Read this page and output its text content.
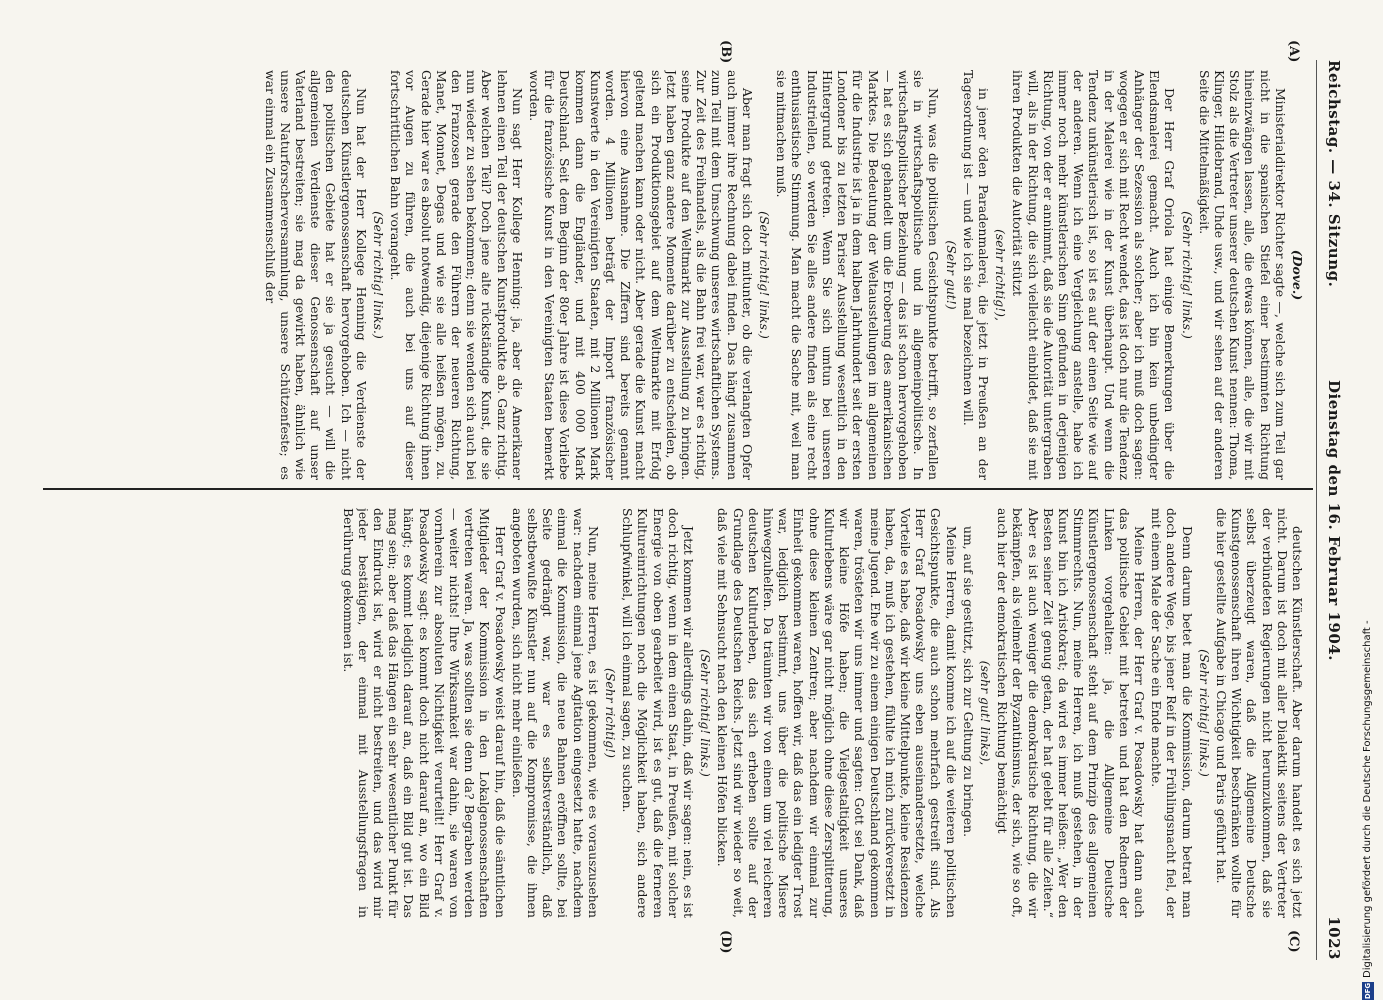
Reichstag. — 34. Sitzung.
Dienstag den 16. Februar 1904.
1023
(A)
(B)
(C)
(D)

(Dove.)

Ministerialdirektor Richter sagte —, welche sich zum Teil gar nicht in die spanischen Stiefel einer bestimmten Richtung hineinzwängen lassen, alle, die etwas können, alle, die wir mit Stolz als die Vertreter unserer deutschen Kunst nennen: Thoma, Klinger, Hildebrand, Uhde usw., und wir sehen auf der anderen Seite die Mittelmäßigkeit.

(Sehr richtig! links.)

Der Herr Graf Oriola hat einige Bemerkungen über die Elendsmalerei gemacht. Auch ich bin kein unbedingter Anhänger der Sezession als solcher; aber ich muß doch sagen: wogegen er sich mit Recht wendet, das ist doch nur die Tendenz in der Malerei wie in der Kunst überhaupt. Und wenn die Tendenz unkünstlerisch ist, so ist es auf der einen Seite wie auf der anderen. Wenn ich eine Vergleichung anstelle, habe ich immer noch mehr künstlerischen Sinn gefunden in derjenigen Richtung, von der er annimmt, daß sie die Autorität untergraben will, als in der Richtung, die sich vielleicht einbildet, daß sie mit ihren Produkten die Autorität stützt

(sehr richtig!),

in jener öden Paradenmalerei, die jetzt in Preußen an der Tagesordnung ist — und wie ich sie mal bezeichnen will.

(Sehr gut!)

Nun, was die politischen Gesichtspunkte betrifft, so zerfallen sie in wirtschaftspolitische und in allgemeinpolitische. In wirtschaftspolitischer Beziehung — das ist schon hervorgehoben — hat es sich gehandelt um die Eroberung des amerikanischen Marktes. Die Bedeutung der Weltausstellungen im allgemeinen für die Industrie ist ja in dem halben Jahrhundert seit der ersten Londoner bis zu letzten Pariser Ausstellung wesentlich in den Hintergrund getreten. Wenn Sie sich umtun bei unseren Industriellen, so werden Sie alles andere finden als eine recht enthusiastische Stimmung. Man macht die Sache mit, weil man sie mitmachen muß.

(Sehr richtig! links.)

Aber man fragt sich doch mitunter, ob die verlangten Opfer auch immer ihre Rechnung dabei finden. Das hängt zusammen zum Teil mit dem Umschwung unseres wirtschaftlichen Systems. Zur Zeit des Freihandels, als die Bahn frei war, war es richtig, seine Produkte auf den Weltmarkt zur Ausstellung zu bringen. Jetzt haben ganz andere Momente darüber zu entscheiden, ob sich ein Produktionsgebiet auf dem Weltmarkte mit Erfolg geltend machen kann oder nicht. Aber gerade die Kunst macht hiervon eine Ausnahme. Die Ziffern sind bereits genannt worden. 4 Millionen beträgt der Import französischer Kunstwerte in den Vereinigten Staaten, mit 2 Millionen Mark kommen dann die Engländer, und mit 400 000 Mark Deutschland. Seit dem Beginn der 80er Jahre ist diese Vorliebe für die französische Kunst in den Vereinigten Staaten bemerkt worden.

Nun sagt Herr Kollege Henning: ja, aber die Amerikaner lehnen einen Teil der deutschen Kunstprodukte ab. Ganz richtig. Aber welchen Teil? Doch jene alte rückständige Kunst, die sie nun wieder zu sehen bekommen; denn sie wenden sich auch bei den Franzosen gerade den Führern der neueren Richtung, Manet, Monnet, Degas und wie sie alle heißen mögen, zu. Gerade hier war es absolut notwendig, diejenige Richtung ihnen vor Augen zu führen, die auch bei uns auf dieser fortschrittlichen Bahn vorangeht.

(Sehr richtig! links.)

Nun hat der Herr Kollege Henning die Verdienste der deutschen Künstlergenossenschaft hervorgehoben. Ich — nicht den politischen Gebiete hat er sie ja gesucht — will die allgemeinen Verdienste dieser Genossenschaft auf unser Vaterland bestreiten; sie mag da gewirkt haben, ähnlich wie unsere Naturforscherversammlung, unsere Schützenfeste; es war einmal ein Zusammenschluß der

deutschen Künstlerschaft. Aber darum handelt es sich jetzt nicht. Darum ist doch mit aller Dialektik seitens der Vertreter der verbündeten Regierungen nicht herumzukommen, daß sie selbst überzeugt waren, daß die Allgemeine Deutsche Kunstgenossenschaft ihren Wichtigkeit beschränken wollte für die hier gestellte Aufgabe in Chicago und Paris geführt hat.

(Sehr richtig! links.)

Denn darum betet man die Kommission, darum betrat man doch andere Wege, bis jener Reif in der Frühlingsnacht fiel, der mit einem Male der Sache ein Ende machte.

Meine Herren, der Herr Graf v. Posadowsky hat dann auch das politische Gebiet mit betreten und hat den Rednern der Linken vorgehalten: ja, die Allgemeine Deutsche Künstlergenossenschaft steht auf dem Prinzip des allgemeinen Stimmrechts. Nun, meine Herren, ich muß gestehen, in der Kunst bin ich Aristokrat; da wird es immer heißen: „Wer den Besten seiner Zeit genug getan, der hat gelebt für alle Zeiten.“ Aber es ist auch weniger die demokratische Richtung, die wir bekämpfen, als vielmehr der Byzantinismus, der sich, wie so oft, auch hier der demokratischen Richtung bemächtigt

(sehr gut! links),

um, auf sie gestützt, sich zur Geltung zu bringen.

Meine Herren, damit komme ich auf die weiteren politischen Gesichtspunkte, die auch schon mehrfach gestreift sind. Als Herr Graf Posadowsky uns eben auseinandersetzte, welche Vorteile es habe, daß wir kleine Mittelpunkte, kleine Residenzen haben, da, muß ich gestehen, fühlte ich mich zurückversetzt in meine Jugend. Ehe wir zu einem einigen Deutschland gekommen waren, trösteten wir uns immer und sagten: Gott sei Dank, daß wir kleine Höfe haben; die Vielgestaltigkeit unseres Kulturlebens wäre gar nicht möglich ohne diese Zersplitterung, ohne diese kleinen Zentren; aber nachdem wir einmal zur Einheit gekommen waren, hoffen wir, daß das ein ledigter Trost war, lediglich bestimmt, uns über die politische Misere hinwegzuhelfen. Da träumten wir von einem um viel reicheren deutschen Kulturleben, das sich erheben sollte auf der Grundlage des Deutschen Reichs. Jetzt sind wir wieder so weit, daß viele mit Sehnsucht nach den kleinen Höfen blicken.

(Sehr richtig! links.)

Jetzt kommen wir allerdings dahin, daß wir sagen: nein, es ist doch richtig, wenn in dem einen Staat, in Preußen, mit solcher Energie von oben gearbeitet wird, ist es gut, daß die ferneren Kultureinrichtungen noch die Möglichkeit haben, sich andere Schlupfwinkel, will ich einmal sagen, zu suchen.

(Sehr richtig!)

Nun, meine Herren, es ist gekommen, wie es vorauszusehen war: nachdem einmal jene Agitation eingesetzt hatte, nachdem einmal die Kommission, die neue Bahnen eröffnen sollte, bei Seite gedrängt war, war es selbstverständlich, daß selbstbewußte Künstler nun auf die Kompromisse, die ihnen angeboten wurden, sich nicht mehr einließen.

Herr Graf v. Posadowsky weist darauf hin, daß die sämtlichen Mitglieder der Kommission in den Lokalgenossenschaften vertreten waren. Ja, was sollten sie denn da? Begraben werden — weiter nichts! Ihre Wirksamkeit war dahin, sie waren von vornherein zur absoluten Nichtigkeit verurteilt! Herr Graf v. Posadowsky sagt: es kommt doch nicht darauf an, wo ein Bild hängt; es kommt lediglich darauf an, daß ein Bild gut ist. Das mag sein; aber daß das Hängen ein sehr wesentlicher Punkt für den Eindruck ist, wird er nicht bestreiten, und das wird mir jeder bestätigen, der einmal mit Ausstellungsfragen in Berührung gekommen ist.

DFG
Digitalisierung gefördert durch die Deutsche Forschungsgemeinschaft -
